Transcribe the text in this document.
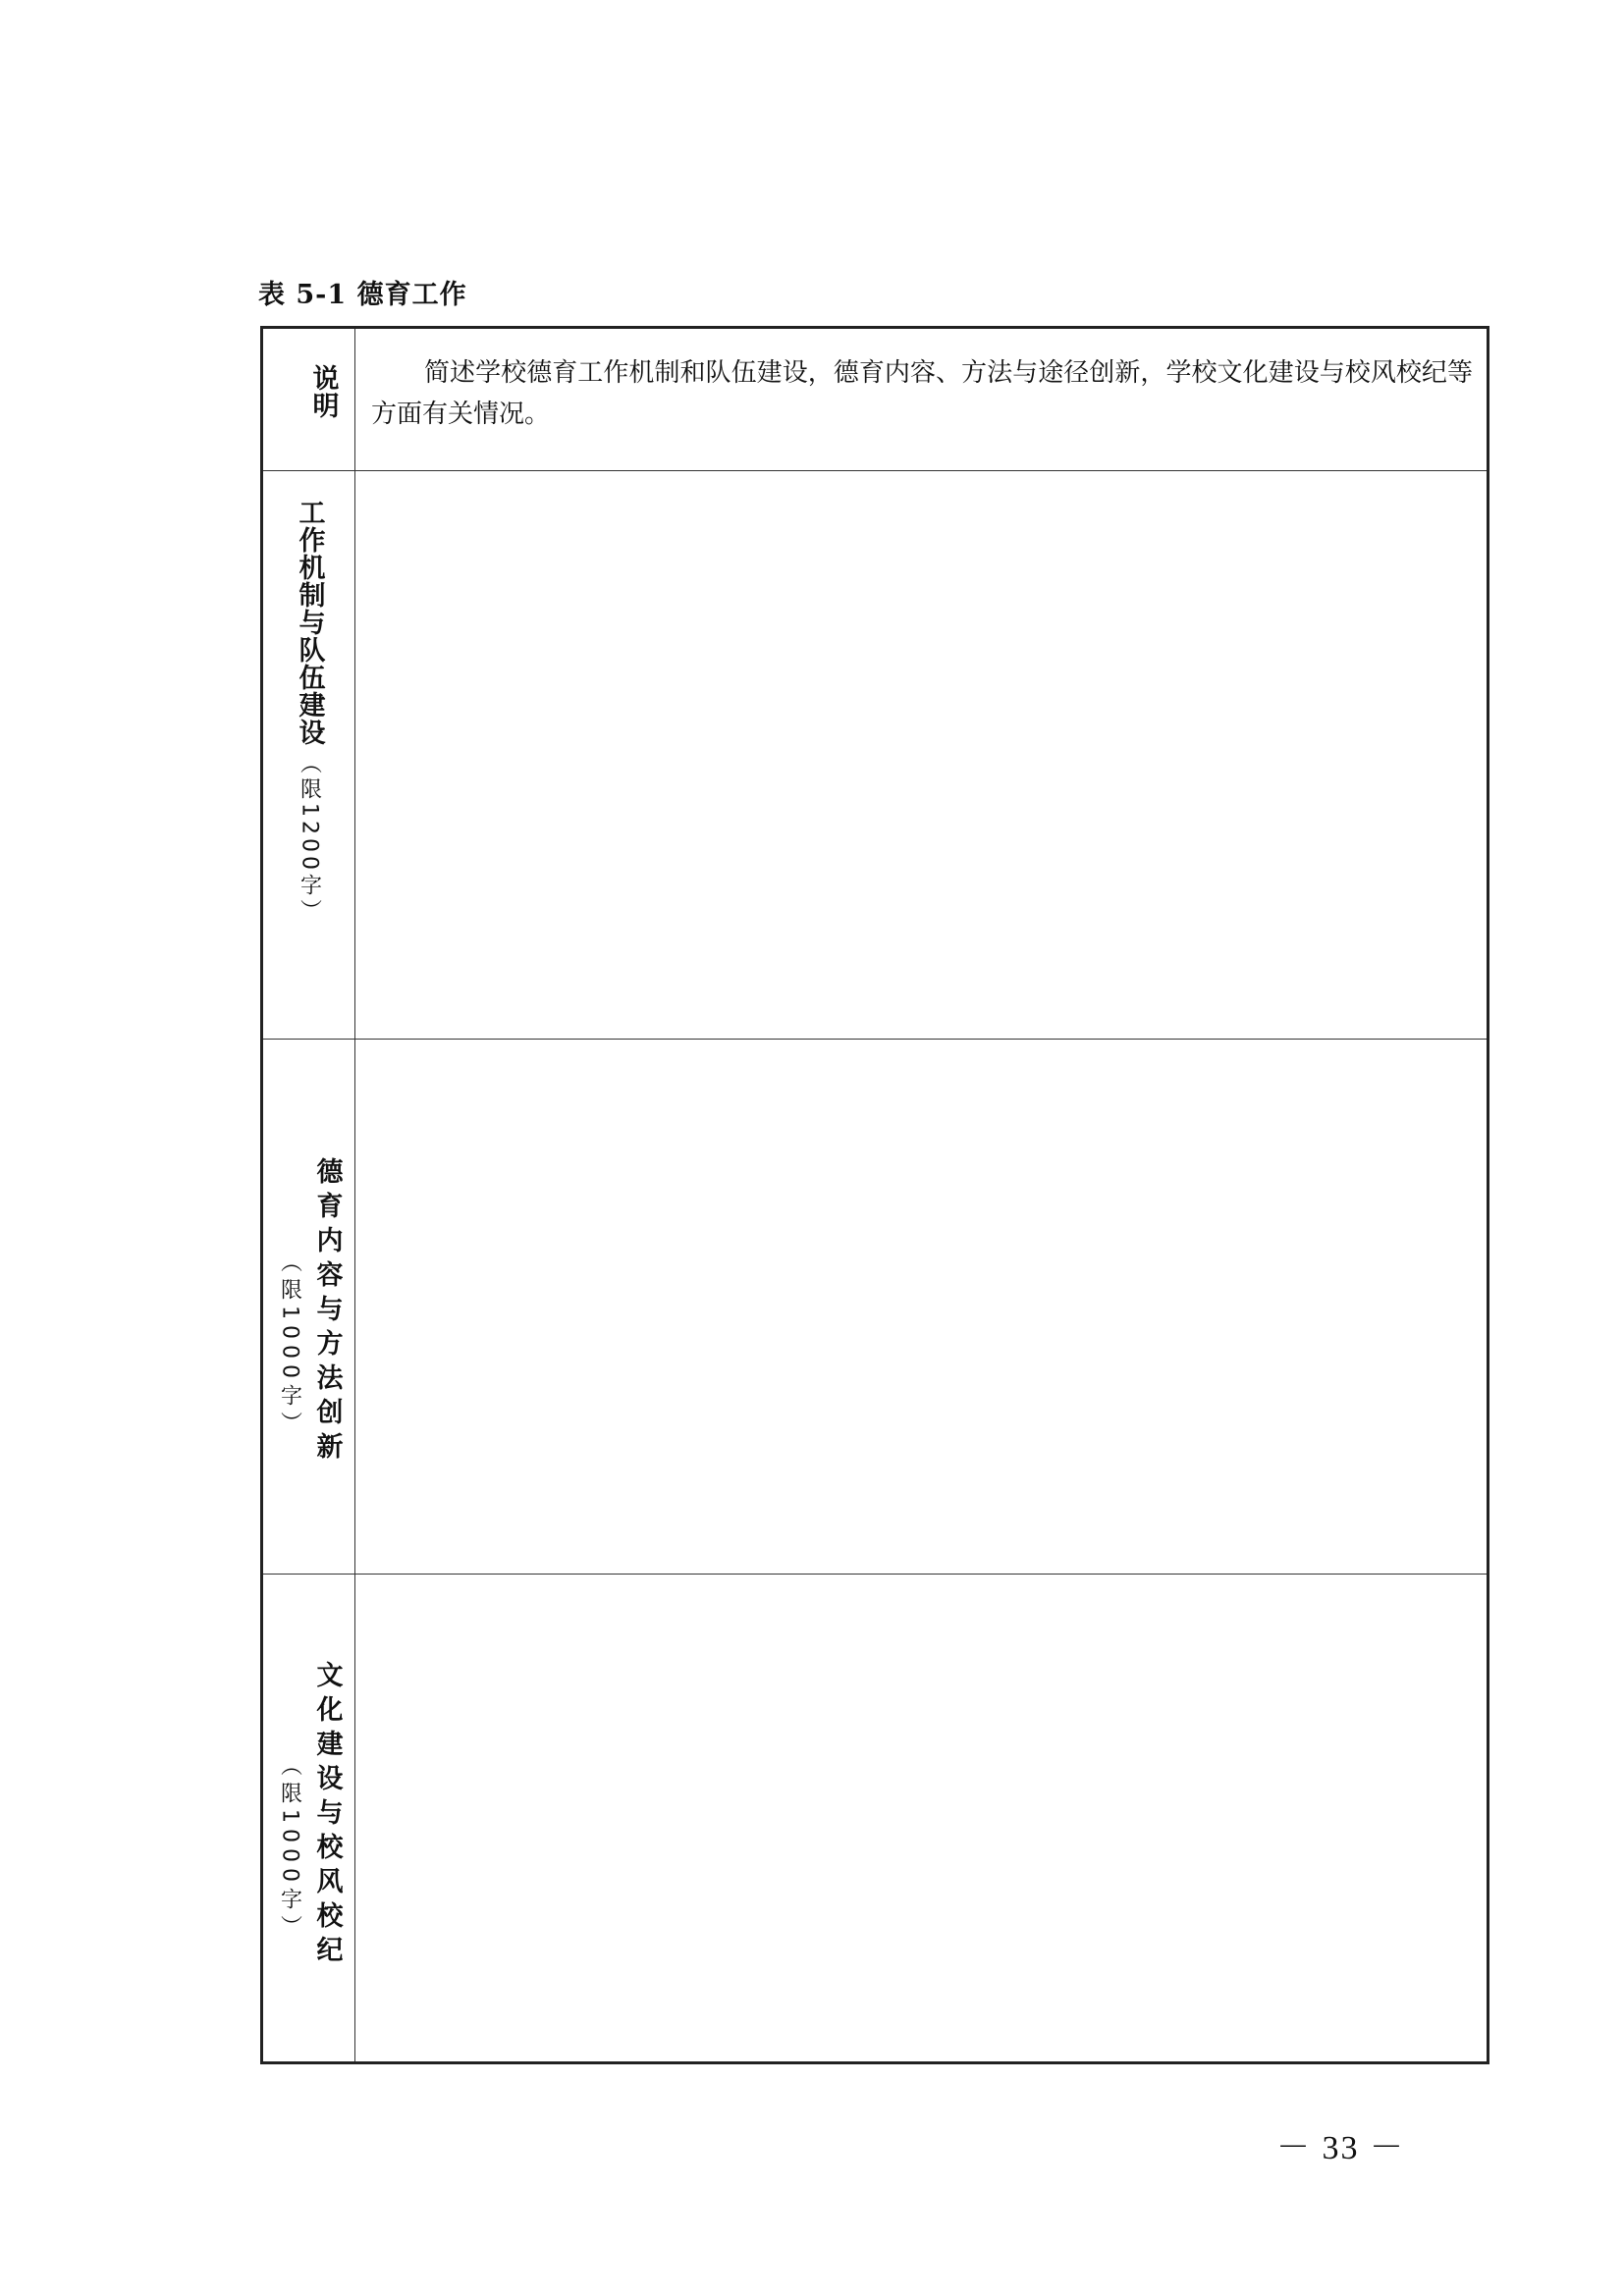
表 5-1 德育工作
说明	简述学校德育工作机制和队伍建设，德育内容、方法与途径创新，学校文化建设与校风校纪等方面有关情况。

工作机制与队伍建设
（限1200字）	

德育内容与方法创新
（限1000字）	

文化建设与校风校纪
（限1000字）	

－ 33 －
